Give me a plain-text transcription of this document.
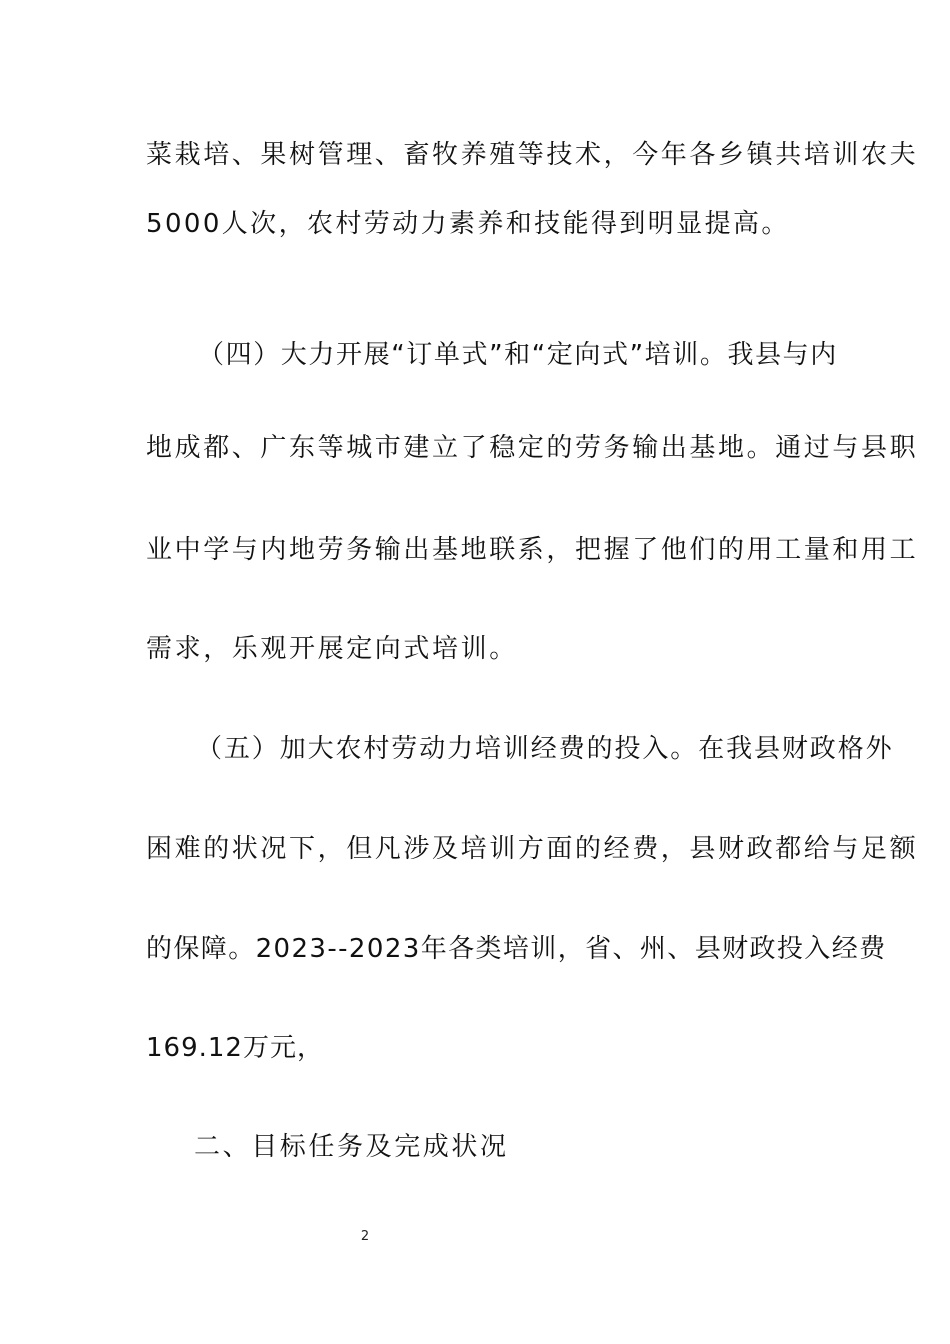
菜栽培、果树管理、畜牧养殖等技术，今年各乡镇共培训农夫
5000人次，农村劳动力素养和技能得到明显提高。
（四）大力开展“订单式”和“定向式”培训。我县与内
地成都、广东等城市建立了稳定的劳务输出基地。通过与县职
业中学与内地劳务输出基地联系，把握了他们的用工量和用工
需求，乐观开展定向式培训。
（五）加大农村劳动力培训经费的投入。在我县财政格外
困难的状况下，但凡涉及培训方面的经费，县财政都给与足额
的保障。2023--2023年各类培训，省、州、县财政投入经费
169.12万元，
二、目标任务及完成状况
2
